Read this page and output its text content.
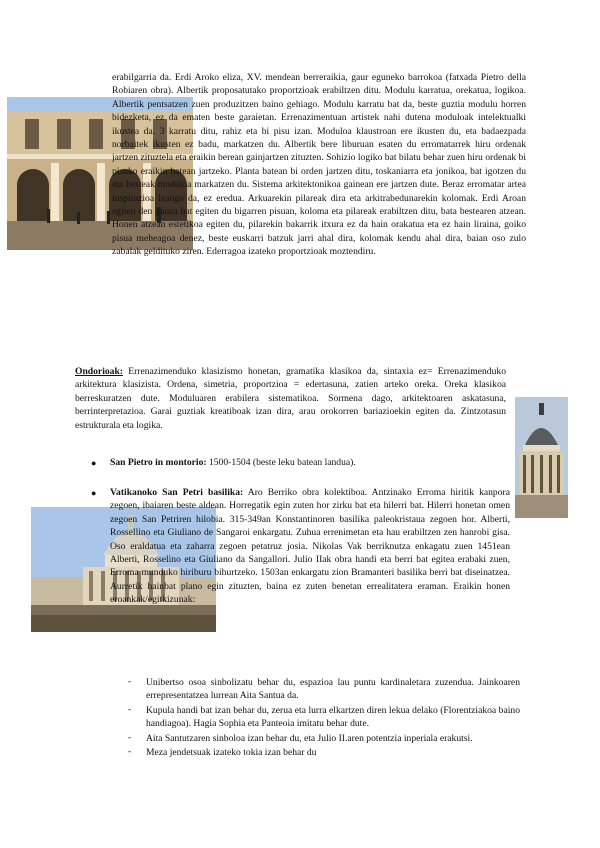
erabilgarria da. Erdi Aroko eliza, XV. mendean berreraikia, gaur eguneko barrokoa (fatxada Pietro della Robiaren obra). Albertik proposatutako proportzioak erabiltzen ditu. Modulu karratua, orekatua, logikoa. Albertik pentsatzen zuen produzitzen baino gehiago. Modulu karratu bat da, beste guztia modulu horren bidezketa, ez da ematen beste garaietan. Errenazimentuan artistek nahi dutena moduloak intelektualki ikustea da. 3 karratu ditu, rahiz eta bi pisu izan. Moduloa klaustroan ere ikusten du, eta badaezpada norbaitek ikusten ez badu, markatzen du. Albertik bere liburuan esaten du erromatarrek hiru ordenak jartzen zituztela eta eraikin berean gainjartzen zituzten. Sohizio logiko bat bilatu behar zuen hiru ordenak bi pisuko eraikin batean jartzeko. Planta batean bi orden jartzen ditu, toskaniarra eta jonikoa, bat igotzen du eta besteak moduloa markatzen du. Sistema arkitektonikoa gainean ere jartzen dute. Beraz erromatar artea inspirazioa izango da, ez eredua. Arkuarekin pilareak dira eta arkitrabedunarekin kolomak. Erdi Aroan egiten den gauza bat egiten du bigarren pisuan, koloma eta pilareak erabiltzen ditu, bata bestearen atzean. Honen atzean estetikoa egiten du, pilarekin bakarrik itxura ez da hain orakatua eta ez hain liraina, goiko pisua meheagoa denez, beste euskarri batzuk jarri ahal dira, kolomak kendu ahal dira, baian oso zulo zabalak geldituko ziren. Ederragoa izateko proportzioak moztendiru.
Ondorioak: Errenazimenduko klasizismo honetan, gramatika klasikoa da, sintaxia ez= Errenazimenduko arkitektura klasizista. Ordena, simetria, proportzioa = edertasuna, zatien arteko oreka. Oreka klasikoa berreskuratzen dute. Moduluaren erabilera sistematikoa. Sormena dago, arkitektoaren askatasuna, berrinterpretazioa. Garai guztiak kreatiboak izan dira, arau orokorren bariazioekin egiten da. Zintzotasun estrukturala eta logika.
● San Pietro in montorio: 1500-1504 (beste leku batean landua).
● Vatikanoko San Petri basilika: Aro Berriko obra kolektiboa. Antzinako Erroma hiritik kanpora zegoen, ibaiaren beste aldean. Horregatik egin zuten hor zirku bat eta hilerri bat. Hilerri honetan omen zegoen San Petriren hilobia. 315-349an Konstantinoren basilika paleokristaua zegoen hor. Alberti, Rossellino eta Giuliano de Sangaroi enkargatu. Zuhua errenimetan eta hau erabiltzen zen hanrobi gisa. Oso eraldatua eta zaharra zegoen petatruz josia. Nikolas Vak berriknutza enkagatu zuen 1451ean Alberti, Rosselino eta Giuliano da Sangallori. Julio IIak obra handi eta berri bat egitea erabaki zuen, Erroma munduko hiriburu bihurtzeko. 1503an enkargatu zion Bramanteri basilika berri bat diseinatzea. Aurretik hainbat plano egin zituzten, baina ez zuten benetan errealitatera eraman. Eraikin honen eroankak/egitkizunak:
- Unibertso osoa sinbolizatu behar du, espazioa lau puntu kardinaletara zuzendua. Jainkoaren errepresentatzea lurrean Aita Santua da.
- Kupula handi bat izan behar du, zerua eta lurra elkartzen diren lekua delako (Florentziakoa baino handiagoa). Hagia Sophia eta Panteoia imitatu behar dute.
- Aita Santutzaren sinboloa izan behar du, eta Julio II.aren potentzia inperiala erakutsi.
- Meza jendetsuak izateko tokia izan behar du
